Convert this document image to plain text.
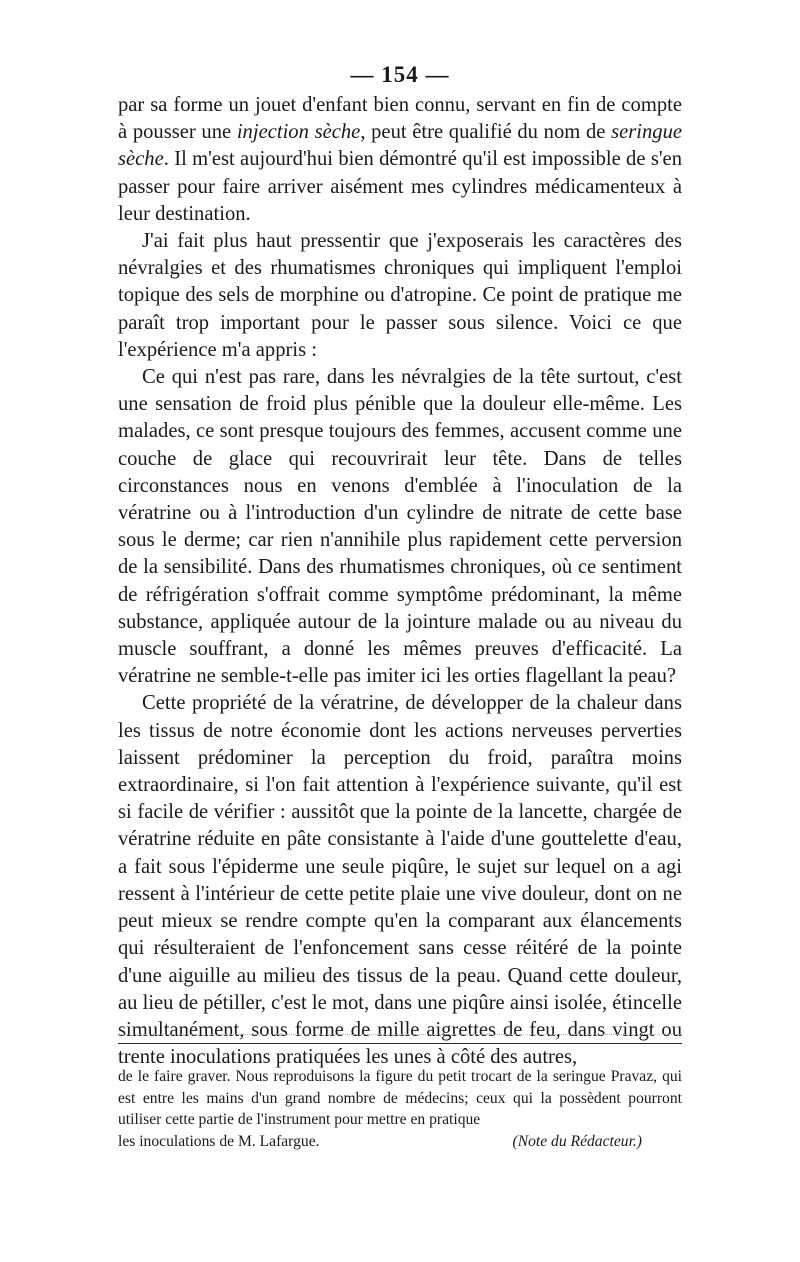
— 154 —

par sa forme un jouet d'enfant bien connu, servant en fin de compte à pousser une injection sèche, peut être qualifié du nom de seringue sèche. Il m'est aujourd'hui bien démontré qu'il est impossible de s'en passer pour faire arriver aisément mes cylindres médicamenteux à leur destination.

J'ai fait plus haut pressentir que j'exposerais les caractères des névralgies et des rhumatismes chroniques qui impliquent l'emploi topique des sels de morphine ou d'atropine. Ce point de pratique me paraît trop important pour le passer sous silence. Voici ce que l'expérience m'a appris :

Ce qui n'est pas rare, dans les névralgies de la tête surtout, c'est une sensation de froid plus pénible que la douleur elle-même. Les malades, ce sont presque toujours des femmes, accusent comme une couche de glace qui recouvrirait leur tête. Dans de telles circonstances nous en venons d'emblée à l'inoculation de la vératrine ou à l'introduction d'un cylindre de nitrate de cette base sous le derme; car rien n'annihile plus rapidement cette perversion de la sensibilité. Dans des rhumatismes chroniques, où ce sentiment de réfrigération s'offrait comme symptôme prédominant, la même substance, appliquée autour de la jointure malade ou au niveau du muscle souffrant, a donné les mêmes preuves d'efficacité. La vératrine ne semble-t-elle pas imiter ici les orties flagellant la peau?

Cette propriété de la vératrine, de développer de la chaleur dans les tissus de notre économie dont les actions nerveuses perverties laissent prédominer la perception du froid, paraîtra moins extraordinaire, si l'on fait attention à l'expérience suivante, qu'il est si facile de vérifier : aussitôt que la pointe de la lancette, chargée de vératrine réduite en pâte consistante à l'aide d'une gouttelette d'eau, a fait sous l'épiderme une seule piqûre, le sujet sur lequel on a agi ressent à l'intérieur de cette petite plaie une vive douleur, dont on ne peut mieux se rendre compte qu'en la comparant aux élancements qui résulteraient de l'enfoncement sans cesse réitéré de la pointe d'une aiguille au milieu des tissus de la peau. Quand cette douleur, au lieu de pétiller, c'est le mot, dans une piqûre ainsi isolée, étincelle simultanément, sous forme de mille aigrettes de feu, dans vingt ou trente inoculations pratiquées les unes à côté des autres,

de le faire graver. Nous reproduisons la figure du petit trocart de la seringue Pravaz, qui est entre les mains d'un grand nombre de médecins; ceux qui la possèdent pourront utiliser cette partie de l'instrument pour mettre en pratique

les inoculations de M. Lafargue.	(Note du Rédacteur.)
